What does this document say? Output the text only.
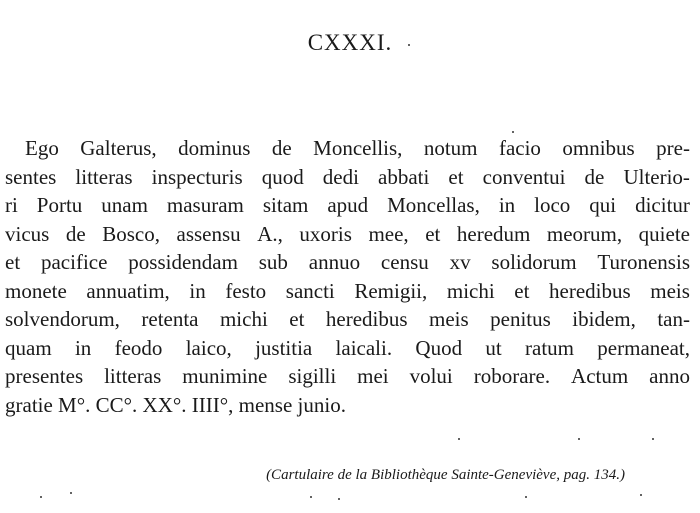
CXXXI.
Ego Galterus, dominus de Moncellis, notum facio omnibus pre-
sentes litteras inspecturis quod dedi abbati et conventui de Ulterio-
ri Portu unam masuram sitam apud Moncellas, in loco qui dicitur
vicus de Bosco, assensu A., uxoris mee, et heredum meorum, quiete
et pacifice possidendam sub annuo censu xv solidorum Turonensis
monete annuatim, in festo sancti Remigii, michi et heredibus meis
solvendorum, retenta michi et heredibus meis penitus ibidem, tan-
quam in feodo laico, justitia laicali. Quod ut ratum permaneat,
presentes litteras munimine sigilli mei volui roborare. Actum anno
gratie M°. CC°. XX°. IIII°, mense junio.
(Cartulaire de la Bibliothèque Sainte-Geneviève, pag. 134.)
